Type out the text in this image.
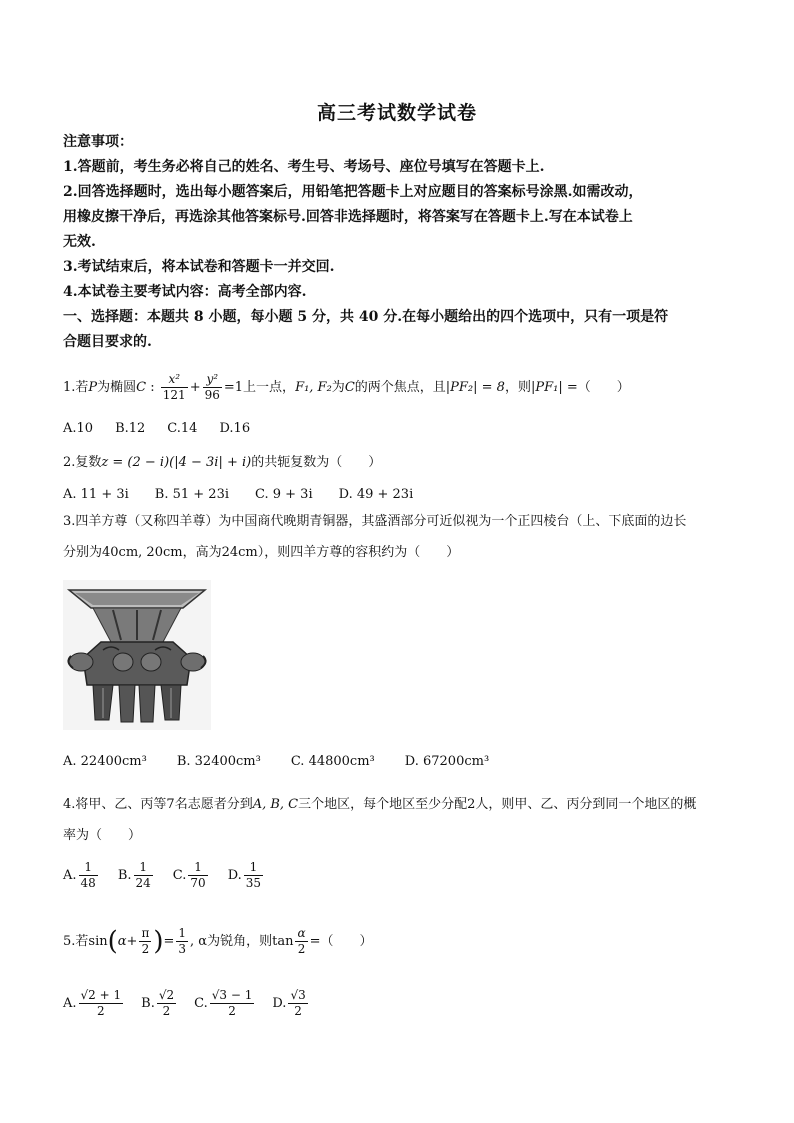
高三考试数学试卷
注意事项：
1.答题前，考生务必将自己的姓名、考生号、考场号、座位号填写在答题卡上.
2.回答选择题时，选出每小题答案后，用铅笔把答题卡上对应题目的答案标号涂黑.如需改动，
用橡皮擦干净后，再选涂其他答案标号.回答非选择题时，将答案写在答题卡上.写在本试卷上
无效.
3.考试结束后，将本试卷和答题卡一并交回.
4.本试卷主要考试内容：高考全部内容.
一、选择题：本题共 8 小题，每小题 5 分，共 40 分.在每小题给出的四个选项中，只有一项是符
合题目要求的.
1.若P为椭圆C : $\frac{\text{x²}}{121} + \frac{\text{y²}}{96} =1$上一点，F₁, F₂为C的两个焦点，且|PF₂| = 8，则|PF₁| =（　　）
A.10 B.12 C.14 D.16
2.复数z = (2 − i)(|4 − 3i| + i)的共轭复数为（　　）
A. 11 + 3i B. 51 + 23i C. 9 + 3i D. 49 + 23i
3.四羊方尊（又称四羊尊）为中国商代晚期青铜器，其盛酒部分可近似视为一个正四棱台（上、下底面的边长
分别为40cm, 20cm，高为24cm），则四羊方尊的容积约为（　　）
A. 22400cm³ B. 32400cm³ C. 44800cm³ D. 67200cm³
4.将甲、乙、丙等7名志愿者分到A, B, C三个地区，每个地区至少分配2人，则甲、乙、丙分到同一个地区的概
率为（　　）
A. $\frac{1}{48} B$. $\frac{1}{24} C$. $\frac{1}{70} D$. $\frac{1}{35}$
5.若$\sin(\alpha+ \frac{\pi}{2}$ )= $\frac{1}{3}$ , α为锐角，则$\tan \frac{\alpha}{2}$ =（　　）
A. $\frac{√2 + 1}{2} B$. $\frac{√2}{2} C$. $\frac{√3 - 1}{2} D$. $\frac{√3}{2}$
